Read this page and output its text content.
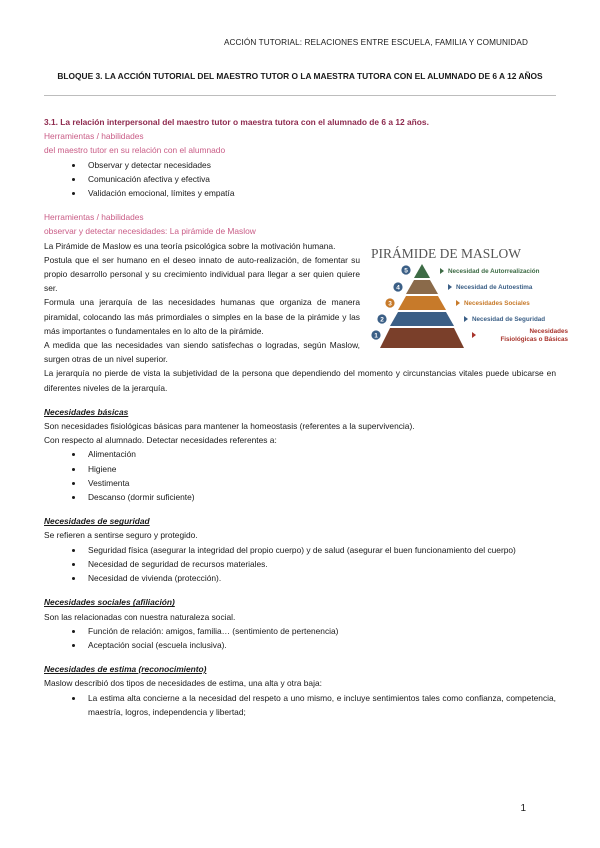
ACCIÓN TUTORIAL: RELACIONES ENTRE ESCUELA, FAMILIA Y COMUNIDAD
BLOQUE 3. LA ACCIÓN TUTORIAL DEL MAESTRO TUTOR O LA MAESTRA TUTORA CON EL ALUMNADO DE 6 A 12 AÑOS
3.1. La relación interpersonal del maestro tutor o maestra tutora con el alumnado de 6 a 12 años.
Herramientas / habilidades
del maestro tutor en su relación con el alumnado
• Observar y detectar necesidades
• Comunicación afectiva y efectiva
• Validación emocional, límites y empatía
Herramientas / habilidades
observar y detectar necesidades: La pirámide de Maslow
La Pirámide de Maslow es una teoría psicológica sobre la motivación humana.
Postula que el ser humano en el deseo innato de auto-realización, de fomentar su propio desarrollo personal y su crecimiento individual para llegar a ser quien quiere ser.
Formula una jerarquía de las necesidades humanas que organiza de manera piramidal, colocando las más primordiales o simples en la base de la pirámide y las más importantes o fundamentales en lo alto de la pirámide.
A medida que las necesidades van siendo satisfechas o logradas, según Maslow, surgen otras de un nivel superior.
La jerarquía no pierde de vista la subjetividad de la persona que dependiendo del momento y circunstancias vitales puede ubicarse en diferentes niveles de la jerarquía.
Necesidades básicas
Son necesidades fisiológicas básicas para mantener la homeostasis (referentes a la supervivencia).
Con respecto al alumnado. Detectar necesidades referentes a:
• Alimentación
• Higiene
• Vestimenta
• Descanso (dormir suficiente)
Necesidades de seguridad
Se refieren a sentirse seguro y protegido.
• Seguridad física (asegurar la integridad del propio cuerpo) y de salud (asegurar el buen funcionamiento del cuerpo)
• Necesidad de seguridad de recursos materiales.
• Necesidad de vivienda (protección).
Necesidades sociales (afiliación)
Son las relacionadas con nuestra naturaleza social.
• Función de relación: amigos, familia… (sentimiento de pertenencia)
• Aceptación social (escuela inclusiva).
Necesidades de estima (reconocimiento)
Maslow describió dos tipos de necesidades de estima, una alta y otra baja:
• La estima alta concierne a la necesidad del respeto a uno mismo, e incluye sentimientos tales como confianza, competencia, maestría, logros, independencia y libertad;
PIRÁMIDE DE MASLOW
5
4
3
2
1
Necesidad de Autorrealización
Necesidad de Autoestima
Necesidades Sociales
Necesidad de Seguridad
Necesidades
Fisiológicas o Básicas
1
